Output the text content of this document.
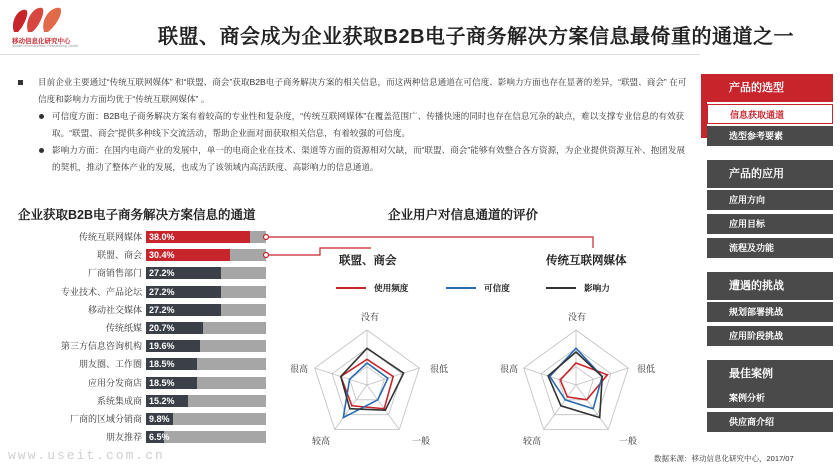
移动信息化研究中心
Mobile Informatization Researching Center	联盟、商会成为企业获取B2B电子商务解决方案信息最倚重的通道之一
目前企业主要通过“传统互联网媒体” 和“联盟、商会”获取B2B电子商务解决方案的相关信息，而这两种信息通道在可信度、影响力方面也存在显著的差异，“联盟、商会” 在可信度和影响力方面均优于“传统互联网媒体” 。
可信度方面：B2B电子商务解决方案有着较高的专业性和复杂度，“传统互联网媒体”在覆盖范围广、传播快速的同时也存在信息冗杂的缺点，难以支撑专业信息的有效获取。“联盟、商会”提供多种线下交流活动，帮助企业面对面获取相关信息，有着较强的可信度。
影响力方面：在国内电商产业的发展中，单一的电商企业在技术、渠道等方面的资源相对欠缺，而“联盟、商会”能够有效整合各方资源，为企业提供资源互补、抱团发展的契机，推动了整体产业的发展，也成为了该领域内高活跃度、高影响力的信息通道。
企业获取B2B电子商务解决方案信息的通道
传统互联网媒体 38.0%
联盟、商会 30.4%
厂商销售部门 27.2%
专业技术、产品论坛 27.2%
移动社交媒体 27.2%
传统纸媒 20.7%
第三方信息咨询机构 19.6%
朋友圈、工作圈 18.5%
应用分发商店 18.5%
系统集成商 15.2%
厂商的区域分销商 9.8%
朋友推荐 6.5%
企业用户对信息通道的评价
联盟、商会	传统互联网媒体
使用频度	可信度	影响力
没有
很低
一般
较高
很高
没有
很低
一般
较高
很高
产品的选型
信息获取通道
选型参考要素
产品的应用
应用方向
应用目标
流程及功能
遭遇的挑战
规划部署挑战
应用阶段挑战
最佳案例
案例分析
供应商介绍
www.useit.com.cn	数据来源：移动信息化研究中心，2017/07
